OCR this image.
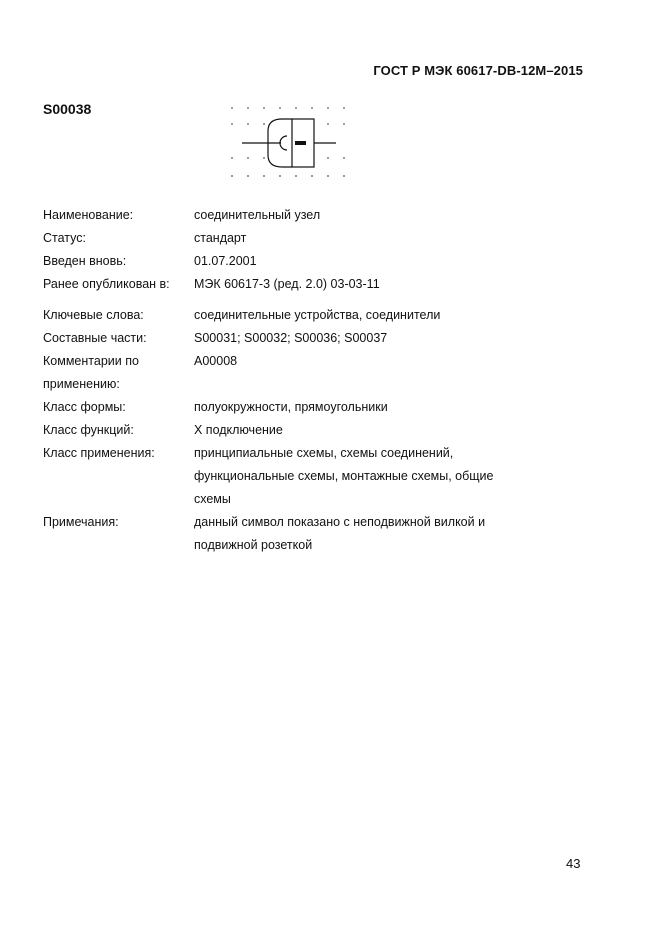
ГОСТ Р МЭК 60617-DB-12M–2015
S00038
Наименование:	соединительный узел
Статус:	стандарт
Введен вновь:	01.07.2001
Ранее опубликован в:	МЭК 60617-3 (ред. 2.0) 03-03-11
Ключевые слова:	соединительные устройства, соединители
Составные части:	S00031; S00032; S00036; S00037
Комментарии по применению:
A00008
Класс формы:	полуокружности, прямоугольники
Класс функций:	X подключение
Класс применения:	принципиальные схемы, схемы соединений, функциональные схемы, монтажные схемы, общие схемы
Примечания:	данный символ показано с неподвижной вилкой и подвижной розеткой
43
